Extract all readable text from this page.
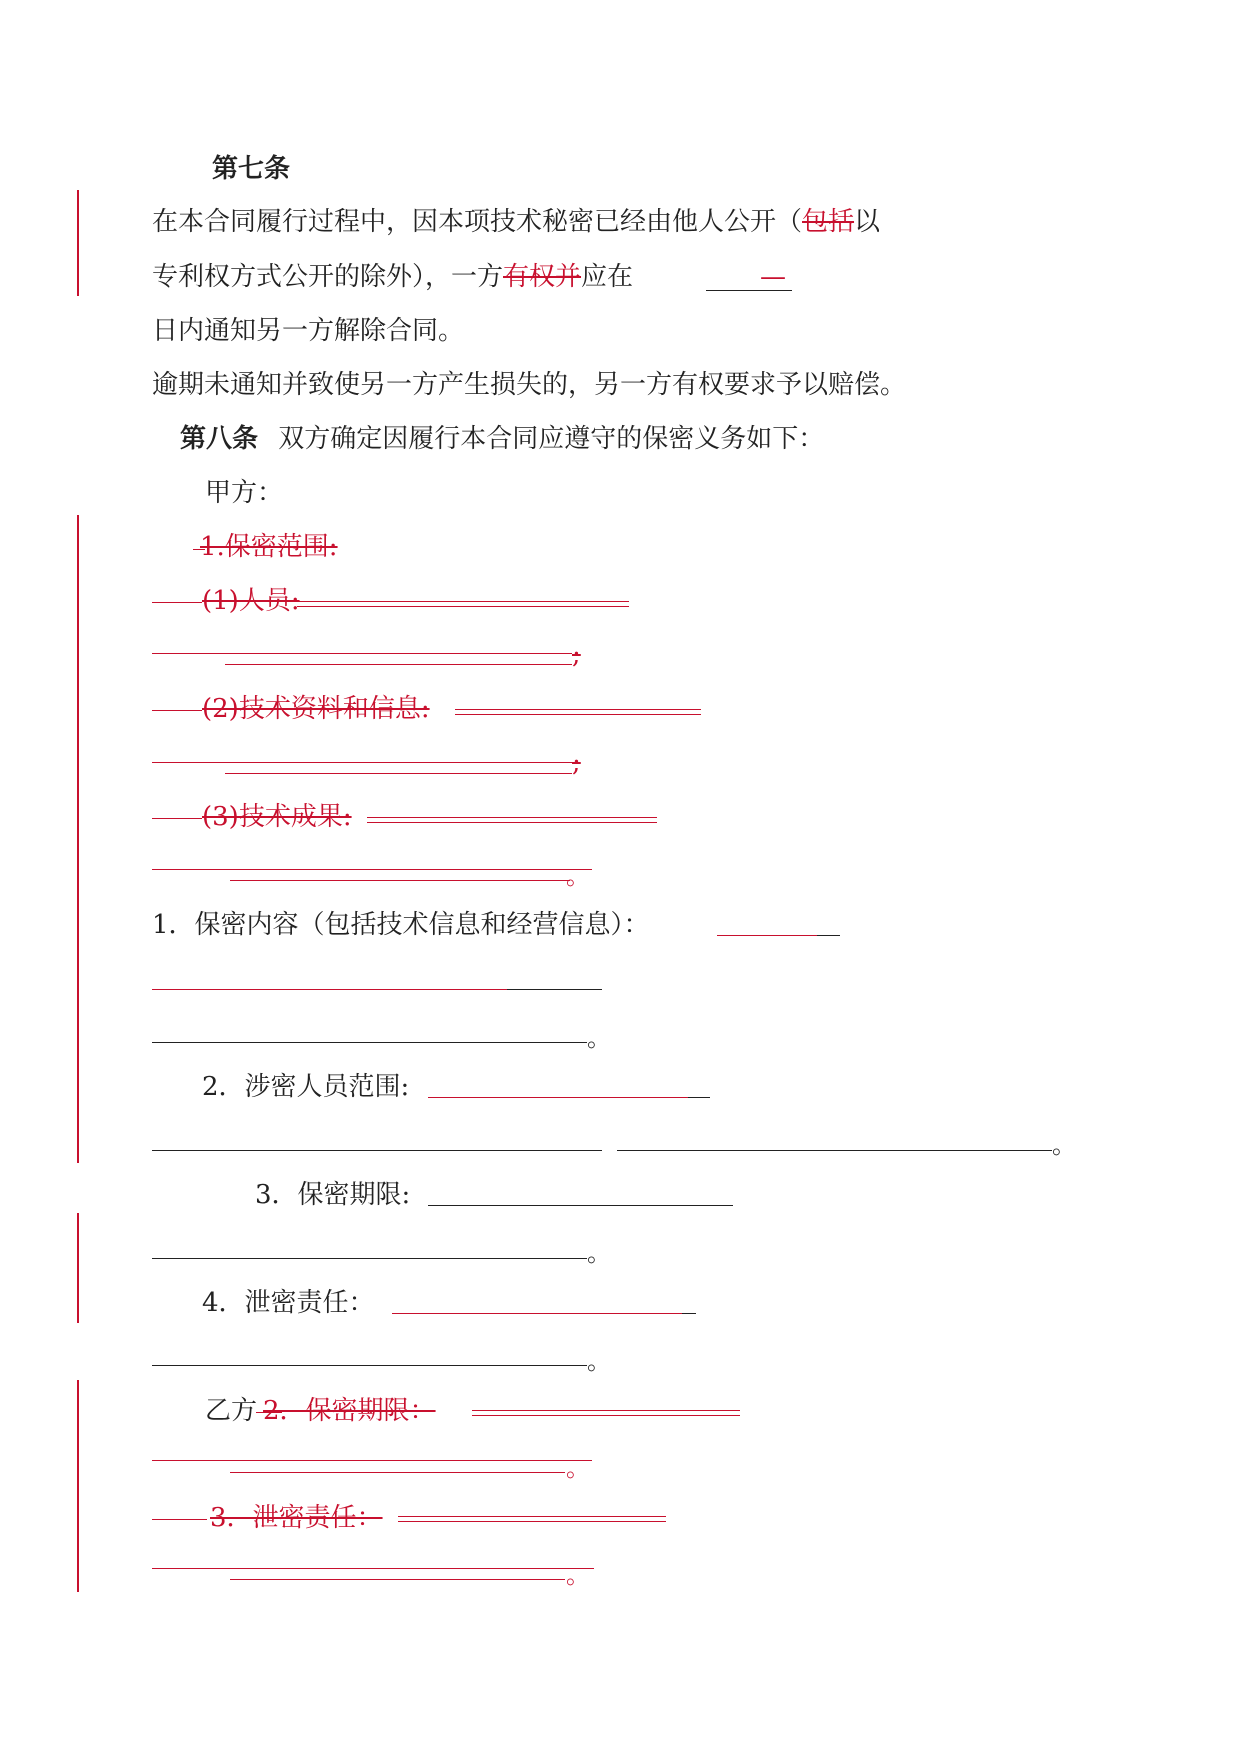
第七条
在本合同履行过程中，因本项技术秘密已经由他人公开（包括以
专利权方式公开的除外），一方有权并应在	—
日内通知另一方解除合同。
逾期未通知并致使另一方产生损失的，另一方有权要求予以赔偿。
第八条 双方确定因履行本合同应遵守的保密义务如下：
甲方：
1.保密范围:
(1)人员:
;
(2)技术资料和信息:
;
(3)技术成果:
。
1．保密内容（包括技术信息和经营信息）：
。
2．涉密人员范围:
。
3．保密期限:
。
4．泄密责任：
。
乙方 2．保密期限：
。
3．泄密责任：
。
